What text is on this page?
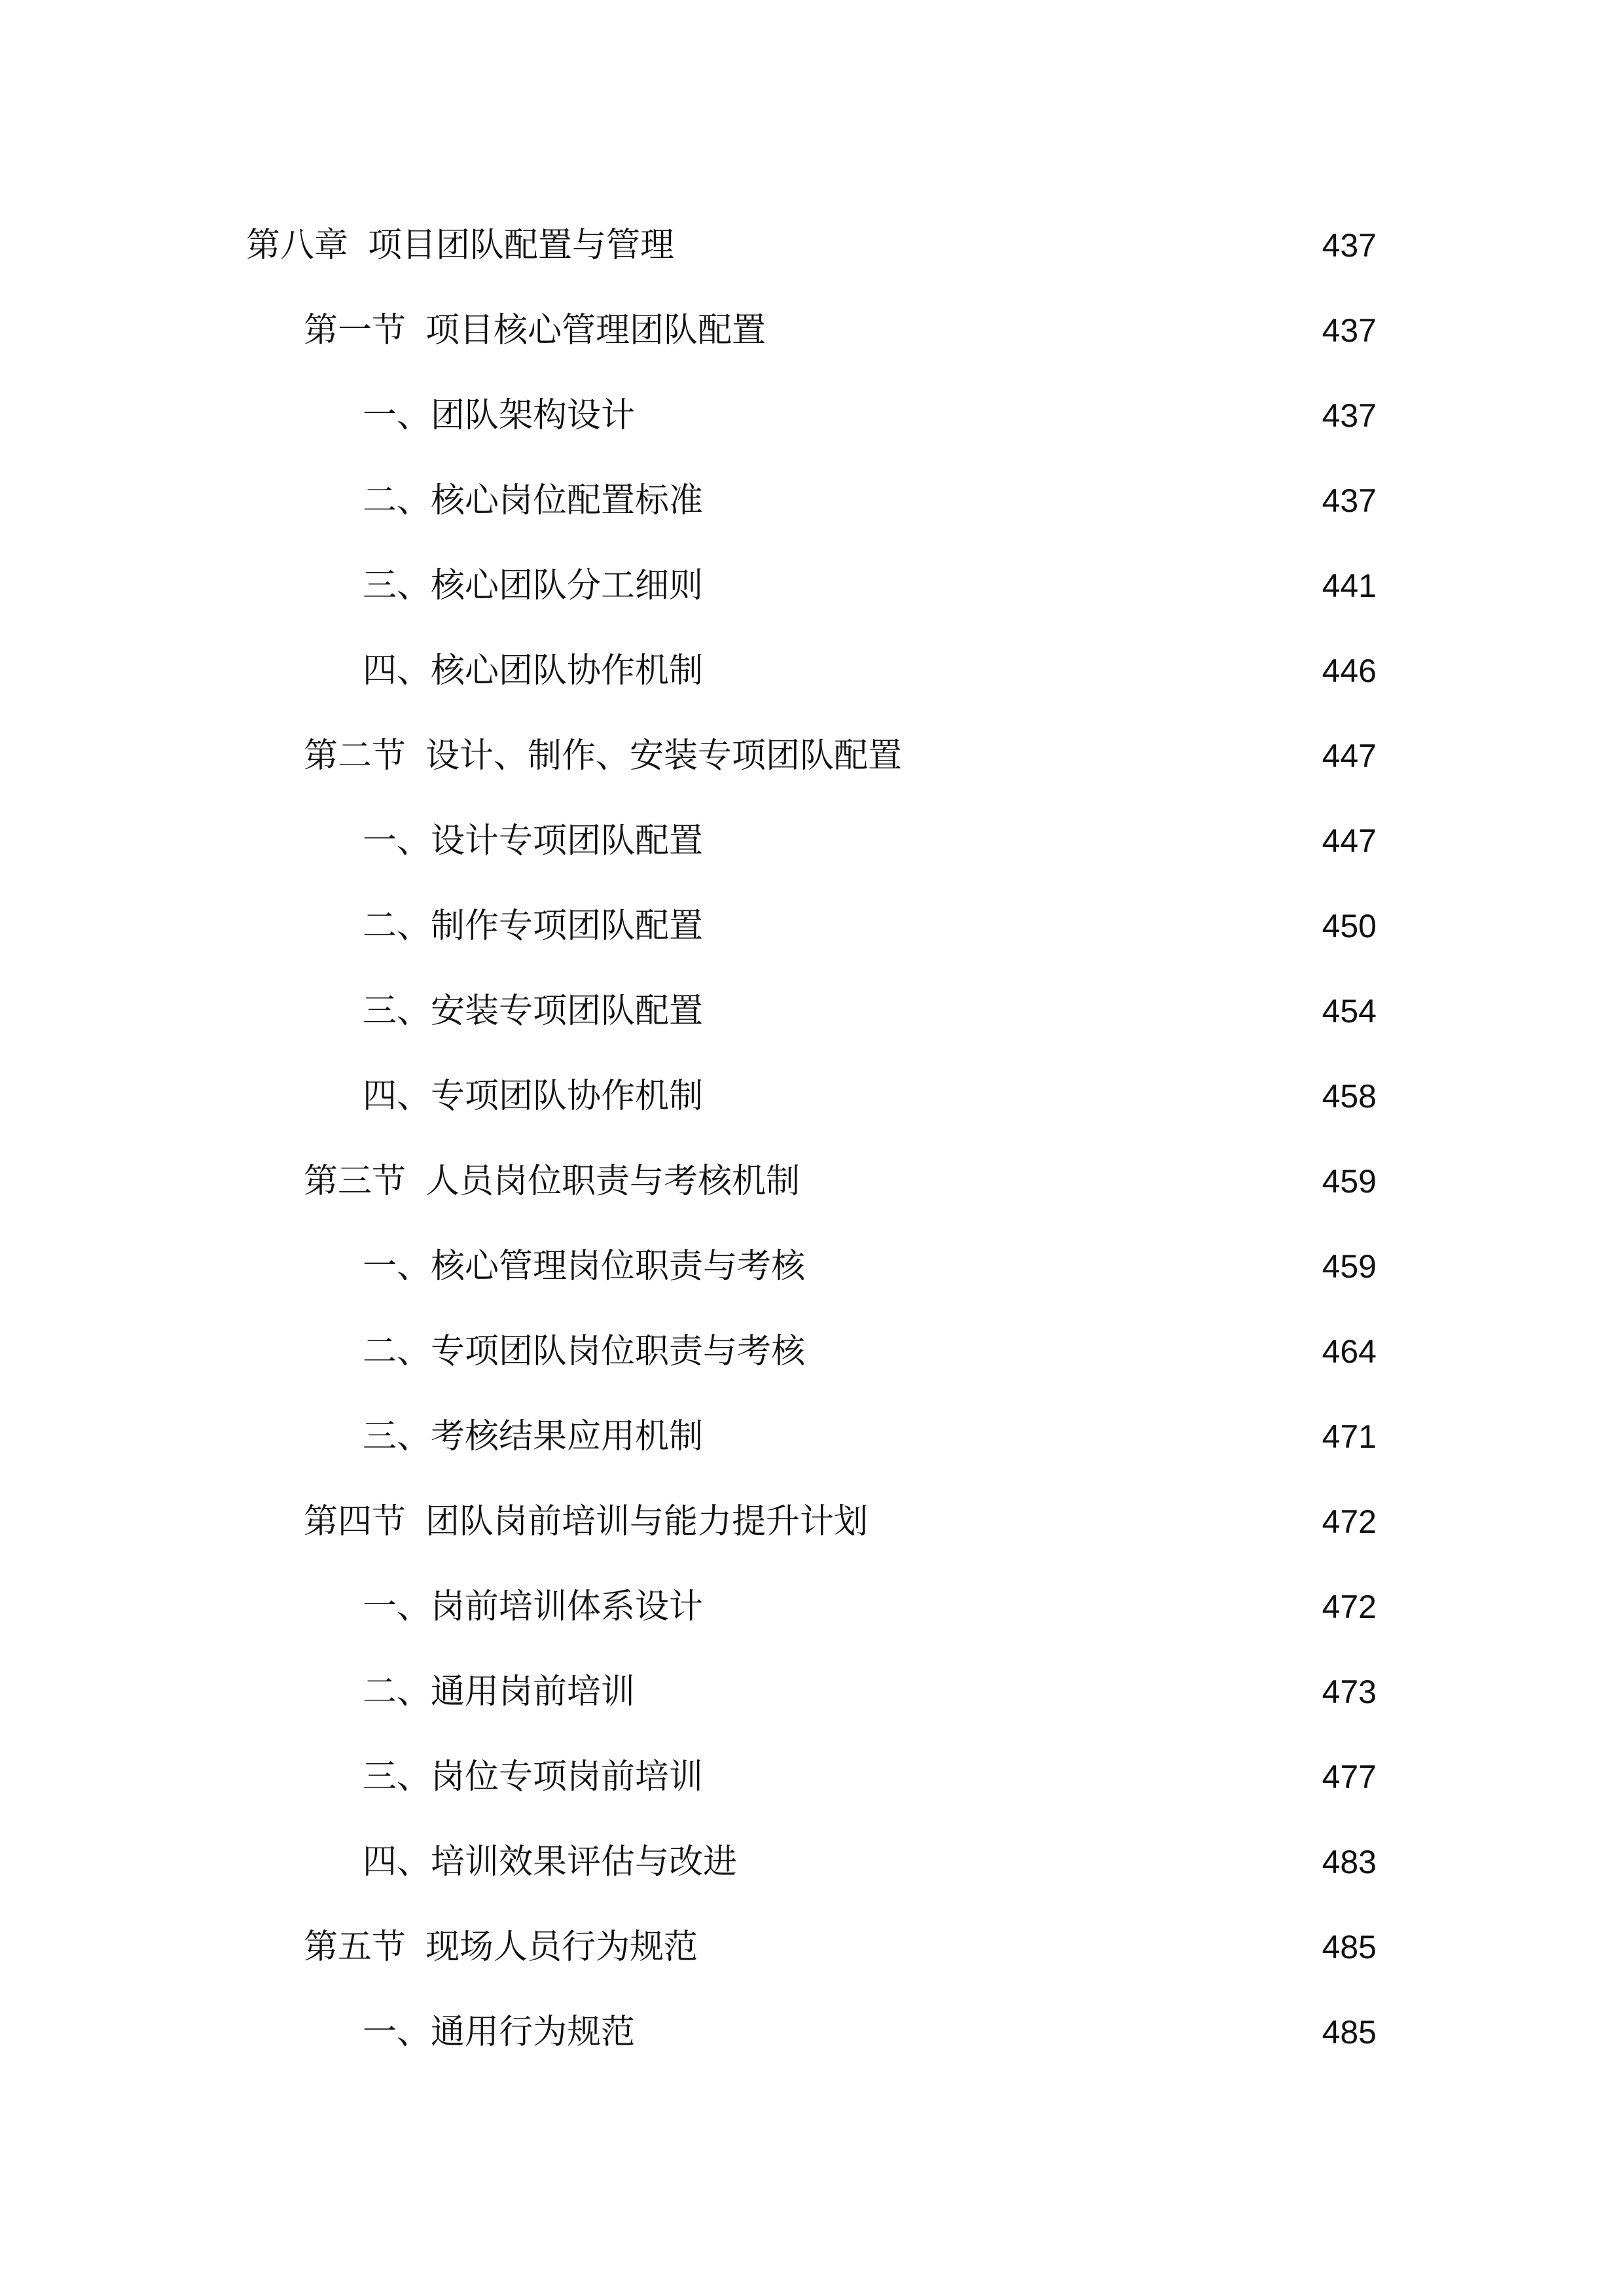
第八章 项目团队配置与管理	437
第一节 项目核心管理团队配置	437
一、团队架构设计	437
二、核心岗位配置标准	437
三、核心团队分工细则	441
四、核心团队协作机制	446
第二节 设计、制作、安装专项团队配置	447
一、设计专项团队配置	447
二、制作专项团队配置	450
三、安装专项团队配置	454
四、专项团队协作机制	458
第三节 人员岗位职责与考核机制	459
一、核心管理岗位职责与考核	459
二、专项团队岗位职责与考核	464
三、考核结果应用机制	471
第四节 团队岗前培训与能力提升计划	472
一、岗前培训体系设计	472
二、通用岗前培训	473
三、岗位专项岗前培训	477
四、培训效果评估与改进	483
第五节 现场人员行为规范	485
一、通用行为规范	485
